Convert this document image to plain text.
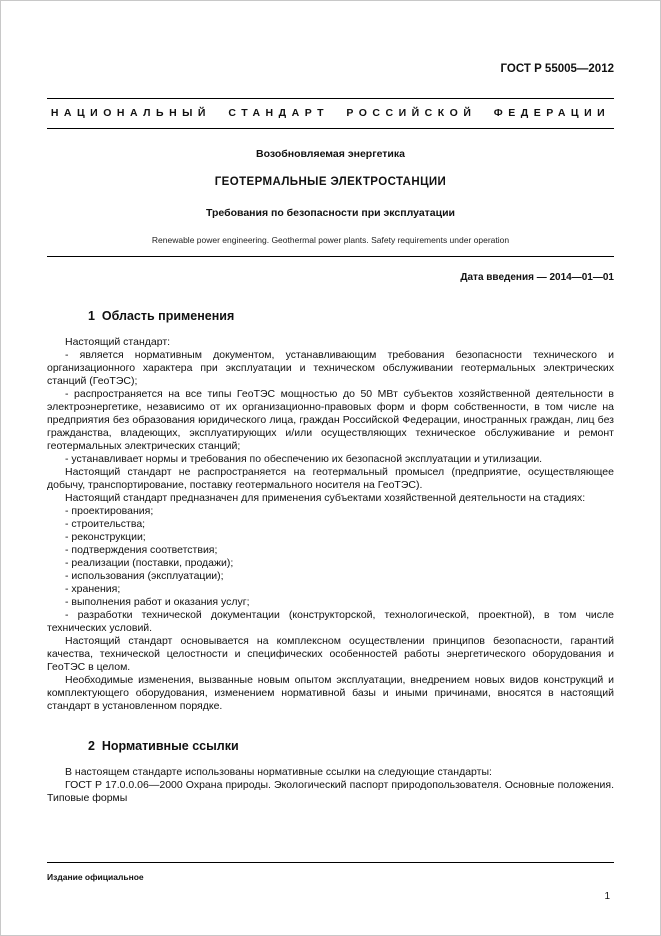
ГОСТ Р 55005—2012
НАЦИОНАЛЬНЫЙ СТАНДАРТ РОССИЙСКОЙ ФЕДЕРАЦИИ
Возобновляемая энергетика
ГЕОТЕРМАЛЬНЫЕ ЭЛЕКТРОСТАНЦИИ
Требования по безопасности при эксплуатации
Renewable power engineering. Geothermal power plants. Safety requirements under operation
Дата введения — 2014—01—01
1  Область применения

Настоящий стандарт:

- является нормативным документом, устанавливающим требования безопасности технического и организационного характера при эксплуатации и техническом обслуживании геотермальных электрических станций (ГеоТЭС);

- распространяется на все типы ГеоТЭС мощностью до 50 МВт субъектов хозяйственной деятельности в электроэнергетике, независимо от их организационно-правовых форм и форм собственности, в том числе на предприятия без образования юридического лица, граждан Российской Федерации, иностранных граждан, лиц без гражданства, владеющих, эксплуатирующих и/или осуществляющих техническое обслуживание и ремонт геотермальных электрических станций;

- устанавливает нормы и требования по обеспечению их безопасной эксплуатации и утилизации.

Настоящий стандарт не распространяется на геотермальный промысел (предприятие, осуществляющее добычу, транспортирование, поставку геотермального носителя на ГеоТЭС).

Настоящий стандарт предназначен для применения субъектами хозяйственной деятельности на стадиях:

- проектирования;

- строительства;

- реконструкции;

- подтверждения соответствия;

- реализации (поставки, продажи);

- использования (эксплуатации);

- хранения;

- выполнения работ и оказания услуг;

- разработки технической документации (конструкторской, технологической, проектной), в том числе технических условий.

Настоящий стандарт основывается на комплексном осуществлении принципов безопасности, гарантий качества, технической целостности и специфических особенностей работы энергетического оборудования и ГеоТЭС в целом.

Необходимые изменения, вызванные новым опытом эксплуатации, внедрением новых видов конструкций и комплектующего оборудования, изменением нормативной базы и иными причинами, вносятся в настоящий стандарт в установленном порядке.

2  Нормативные ссылки

В настоящем стандарте использованы нормативные ссылки на следующие стандарты:

ГОСТ Р 17.0.0.06—2000 Охрана природы. Экологический паспорт природопользователя. Основные положения. Типовые формы

Издание официальное
1
